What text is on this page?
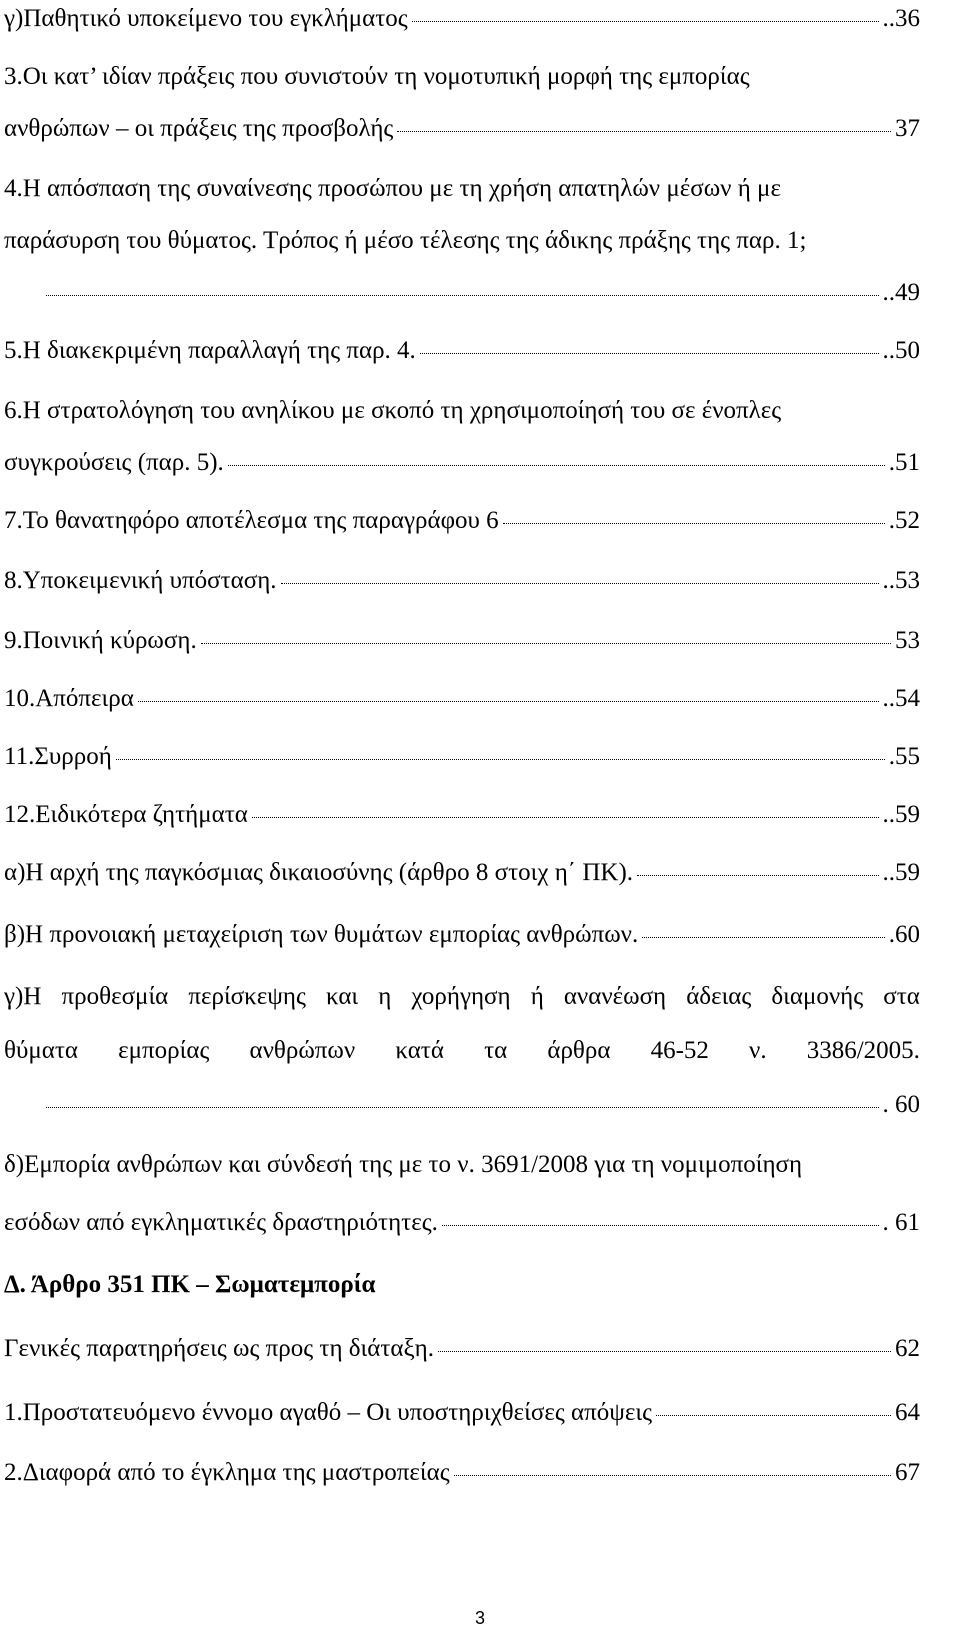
γ)Παθητικό υποκείμενο του εγκλήματος	..36
3.Οι κατ’ ιδίαν πράξεις που συνιστούν τη νομοτυπική μορφή της εμπορίας
ανθρώπων – οι πράξεις της προσβολής	37
4.Η απόσπαση της συναίνεσης προσώπου με τη χρήση απατηλών μέσων ή με
παράσυρση του θύματος. Τρόπος ή μέσο τέλεσης της άδικης πράξης της παρ. 1;
..49
5.Η διακεκριμένη παραλλαγή της παρ. 4.	..50
6.Η στρατολόγηση του ανηλίκου με σκοπό τη χρησιμοποίησή του σε ένοπλες
συγκρούσεις (παρ. 5).	.51
7.Το θανατηφόρο αποτέλεσμα της παραγράφου 6	.52
8.Υποκειμενική υπόσταση.	..53
9.Ποινική κύρωση.	53
10.Απόπειρα	..54
11.Συρροή	.55
12.Ειδικότερα ζητήματα	..59
α)Η αρχή της παγκόσμιας δικαιοσύνης (άρθρο 8 στοιχ η΄ ΠΚ).	..59
β)Η προνοιακή μεταχείριση των θυμάτων εμπορίας ανθρώπων.	.60
γ)Η προθεσμία περίσκεψης και η χορήγηση ή ανανέωση άδειας διαμονής στα
θύματα εμπορίας ανθρώπων κατά τα άρθρα 46-52 ν. 3386/2005.
. 60
δ)Εμπορία ανθρώπων και σύνδεσή της με το ν. 3691/2008 για τη νομιμοποίηση
εσόδων από εγκληματικές δραστηριότητες.	. 61
Δ. Άρθρο 351 ΠΚ – Σωματεμπορία
Γενικές παρατηρήσεις ως προς τη διάταξη.	62
1.Προστατευόμενο έννομο αγαθό – Οι υποστηριχθείσες απόψεις	64
2.Διαφορά από το έγκλημα της μαστροπείας	67
3
